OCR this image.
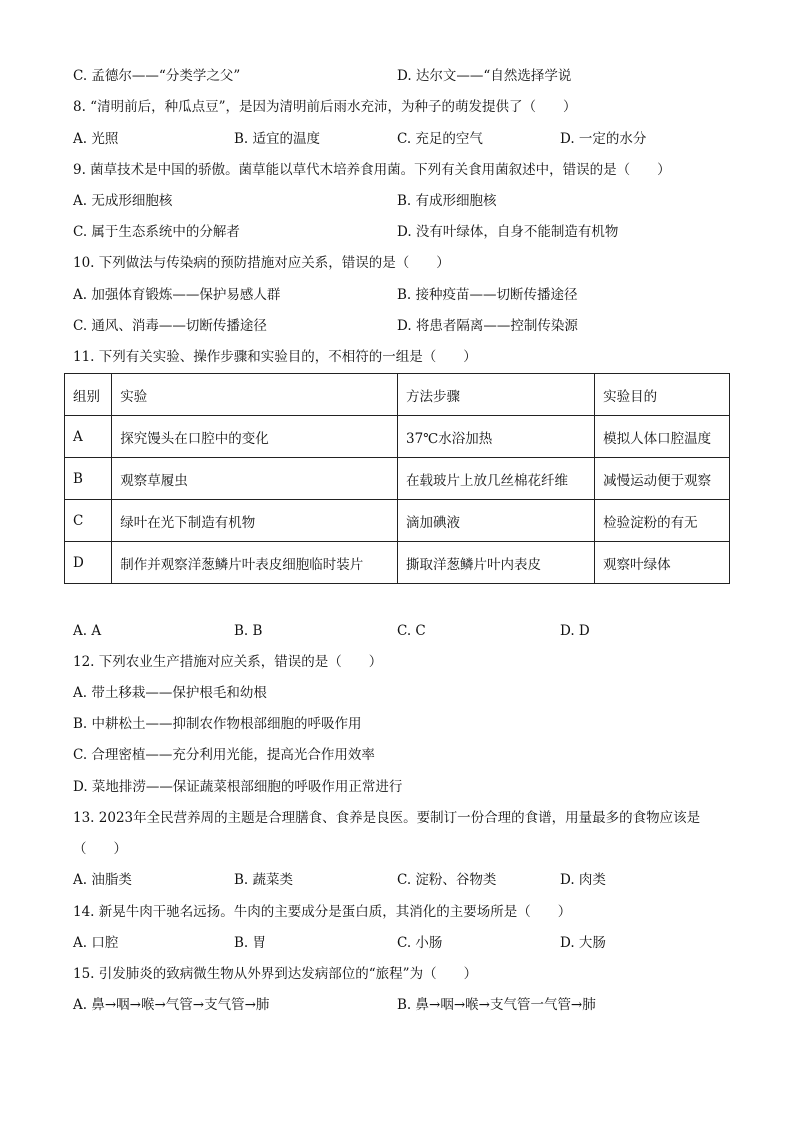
C. 孟德尔——“分类学之父”	D. 达尔文——“自然选择学说
8. “清明前后，种瓜点豆”，是因为清明前后雨水充沛，为种子的萌发提供了（　　）
A. 光照	B. 适宜的温度	C. 充足的空气	D. 一定的水分
9. 菌草技术是中国的骄傲。菌草能以草代木培养食用菌。下列有关食用菌叙述中，错误的是（　　）
A. 无成形细胞核	B. 有成形细胞核
C. 属于生态系统中的分解者	D. 没有叶绿体，自身不能制造有机物
10. 下列做法与传染病的预防措施对应关系，错误的是（　　）
A. 加强体育锻炼——保护易感人群	B. 接种疫苗——切断传播途径
C. 通风、消毒——切断传播途径	D. 将患者隔离——控制传染源
11. 下列有关实验、操作步骤和实验目的，不相符的一组是（　　）
组别	实验	方法步骤	实验目的
A	探究馒头在口腔中的变化	37℃水浴加热	模拟人体口腔温度
B	观察草履虫	在载玻片上放几丝棉花纤维	减慢运动便于观察
C	绿叶在光下制造有机物	滴加碘液	检验淀粉的有无
D	制作并观察洋葱鳞片叶表皮细胞临时装片	撕取洋葱鳞片叶内表皮	观察叶绿体
A. A	B. B	C. C	D. D
12. 下列农业生产措施对应关系，错误的是（　　）
A. 带土移栽——保护根毛和幼根
B. 中耕松土——抑制农作物根部细胞的呼吸作用
C. 合理密植——充分利用光能，提高光合作用效率
D. 菜地排涝——保证蔬菜根部细胞的呼吸作用正常进行
13. 2023年全民营养周的主题是合理膳食、食养是良医。要制订一份合理的食谱，用量最多的食物应该是
（　　）
A. 油脂类	B. 蔬菜类	C. 淀粉、谷物类	D. 肉类
14. 新晃牛肉干驰名远扬。牛肉的主要成分是蛋白质，其消化的主要场所是（　　）
A. 口腔	B. 胃	C. 小肠	D. 大肠
15. 引发肺炎的致病微生物从外界到达发病部位的“旅程”为（　　）
A. 鼻→咽→喉→气管→支气管→肺	B. 鼻→咽→喉→支气管一气管→肺
